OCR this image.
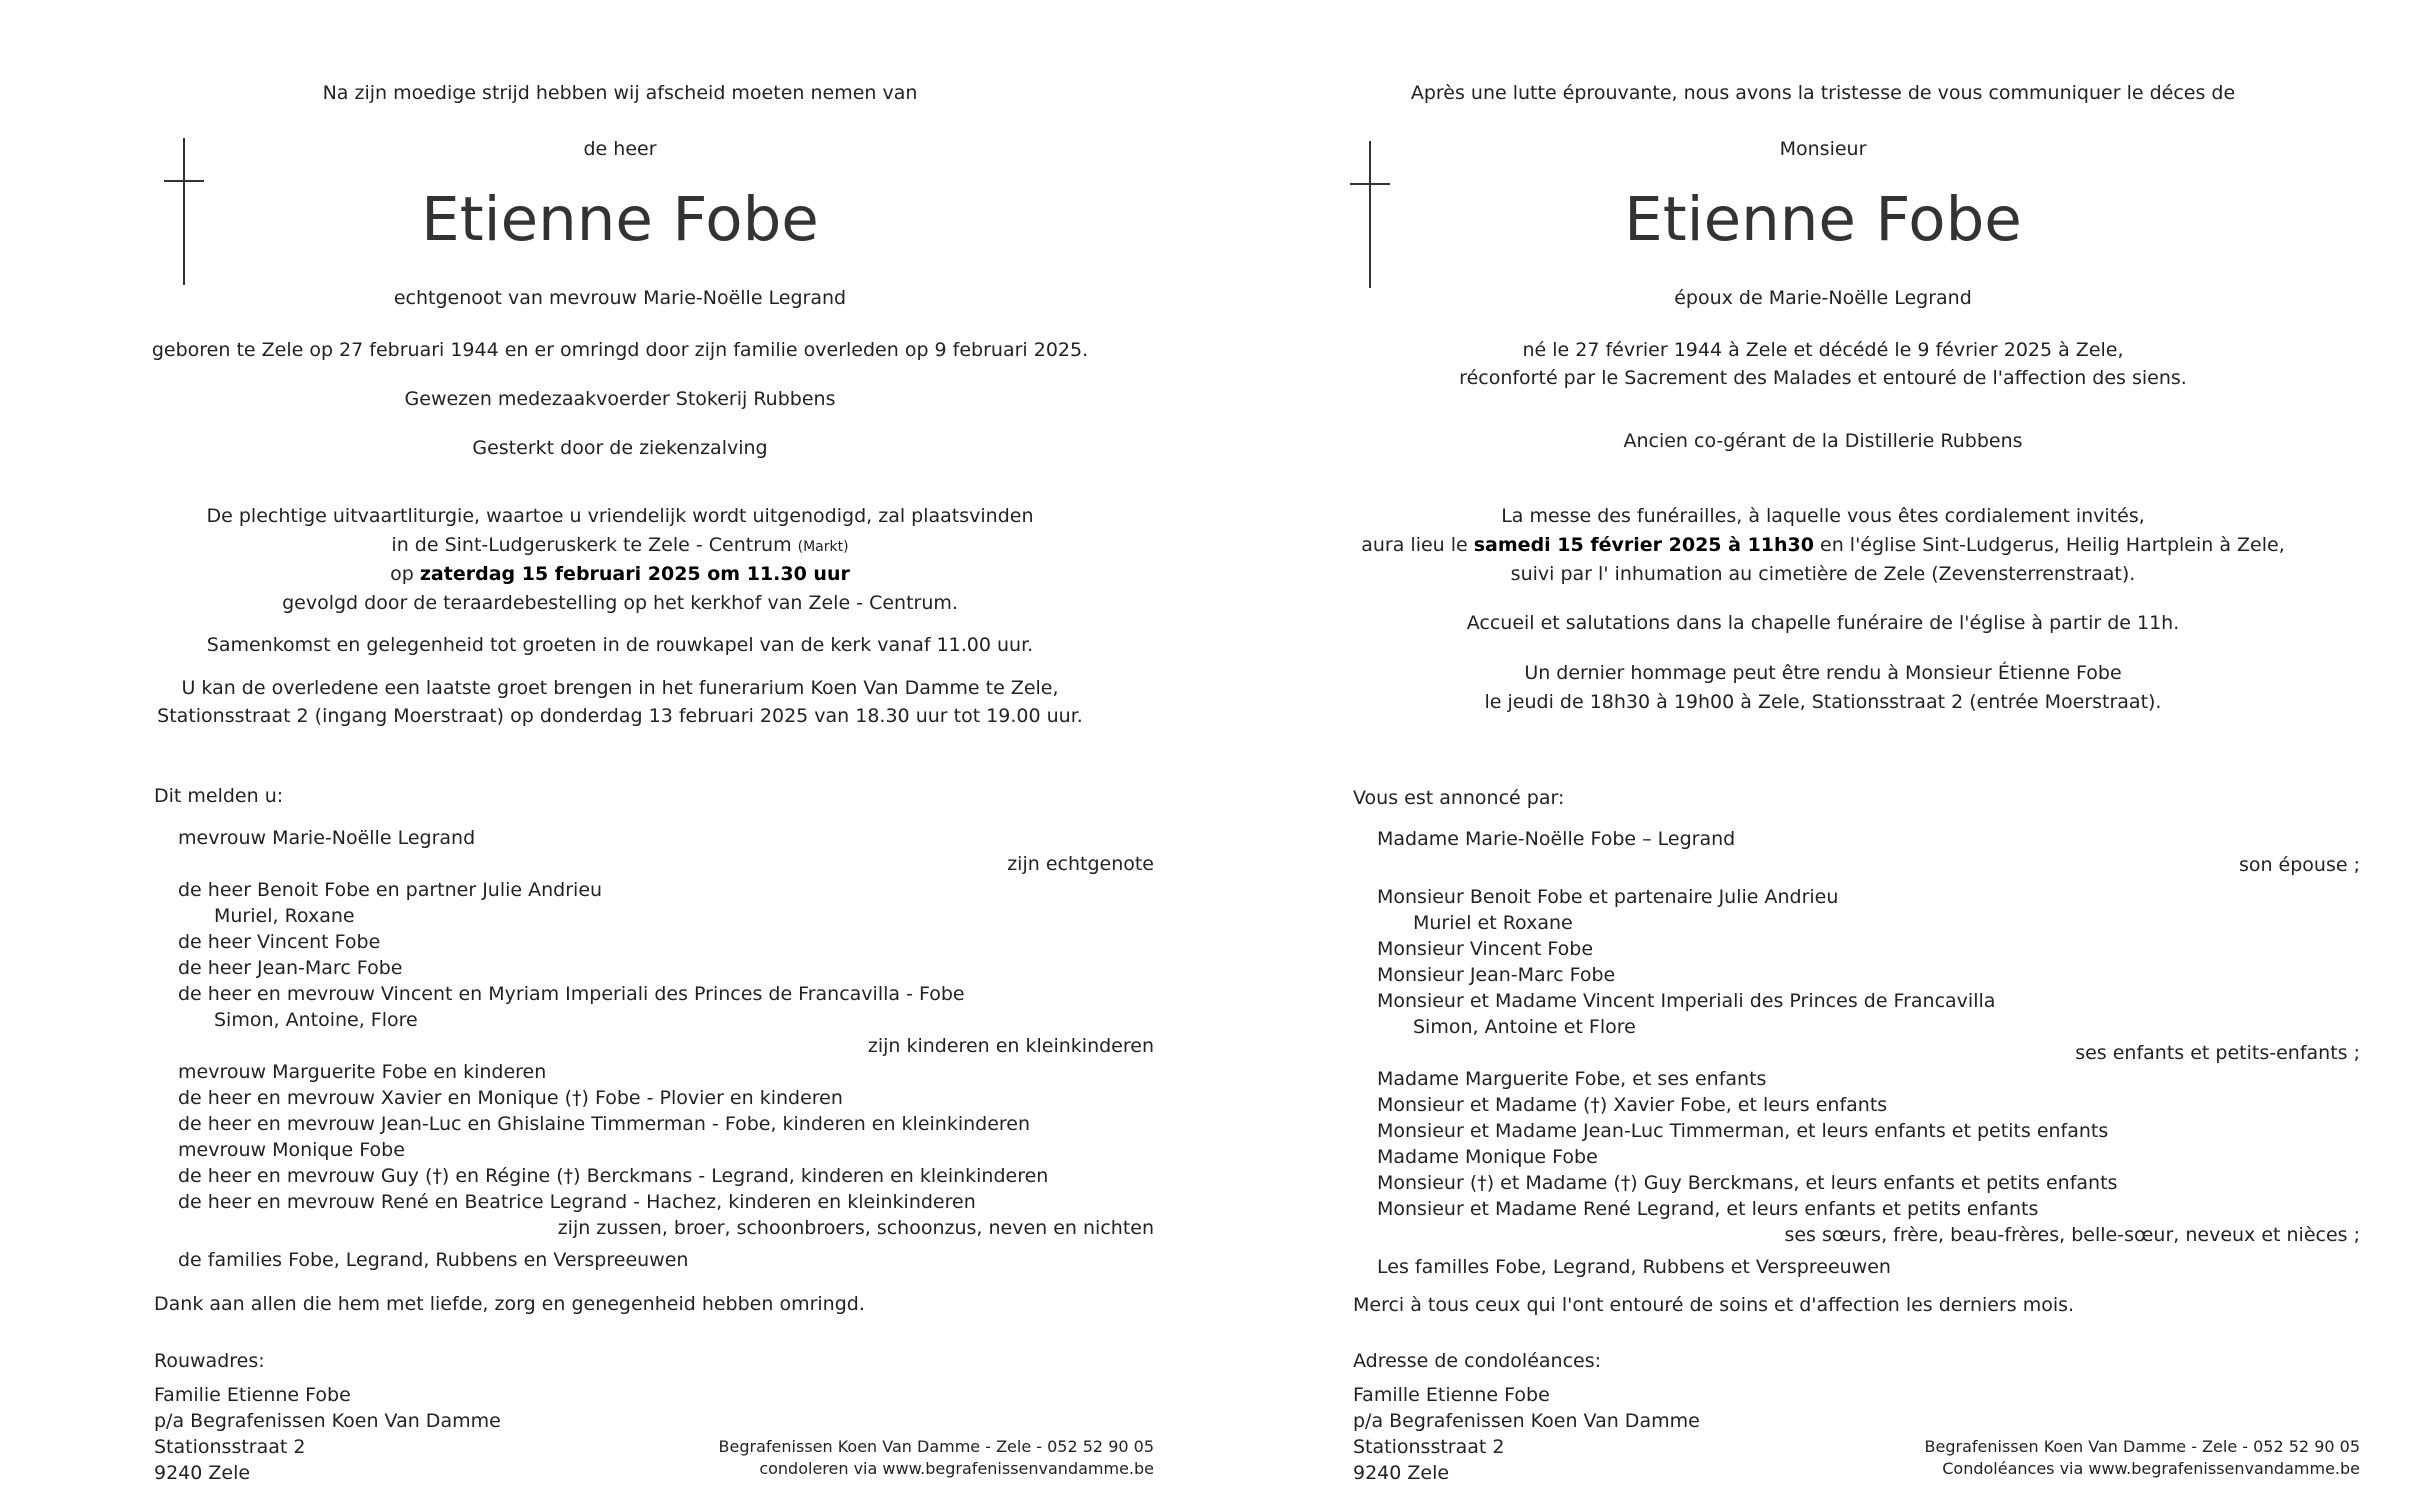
Na zijn moedige strijd hebben wij afscheid moeten nemen van
de heer
Etienne Fobe
echtgenoot van mevrouw Marie-Noëlle Legrand
geboren te Zele op 27 februari 1944 en er omringd door zijn familie overleden op 9 februari 2025.
Gewezen medezaakvoerder Stokerij Rubbens
Gesterkt door de ziekenzalving
De plechtige uitvaartliturgie, waartoe u vriendelijk wordt uitgenodigd, zal plaatsvinden
in de Sint-Ludgeruskerk te Zele - Centrum (Markt)
op zaterdag 15 februari 2025 om 11.30 uur
gevolgd door de teraardebestelling op het kerkhof van Zele - Centrum.
Samenkomst en gelegenheid tot groeten in de rouwkapel van de kerk vanaf 11.00 uur.
U kan de overledene een laatste groet brengen in het funerarium Koen Van Damme te Zele,
Stationsstraat 2 (ingang Moerstraat) op donderdag 13 februari 2025 van 18.30 uur tot 19.00 uur.
Dit melden u:
mevrouw Marie-Noëlle Legrand
zijn echtgenote
de heer Benoit Fobe en partner Julie Andrieu
Muriel, Roxane
de heer Vincent Fobe
de heer Jean-Marc Fobe
de heer en mevrouw Vincent en Myriam Imperiali des Princes de Francavilla - Fobe
Simon, Antoine, Flore
zijn kinderen en kleinkinderen
mevrouw Marguerite Fobe en kinderen
de heer en mevrouw Xavier en Monique (†) Fobe - Plovier en kinderen
de heer en mevrouw Jean-Luc en Ghislaine Timmerman - Fobe, kinderen en kleinkinderen
mevrouw Monique Fobe
de heer en mevrouw Guy (†) en Régine (†) Berckmans - Legrand, kinderen en kleinkinderen
de heer en mevrouw René en Beatrice Legrand - Hachez, kinderen en kleinkinderen
zijn zussen, broer, schoonbroers, schoonzus, neven en nichten
de families Fobe, Legrand, Rubbens en Verspreeuwen
Dank aan allen die hem met liefde, zorg en genegenheid hebben omringd.
Rouwadres:
Familie Etienne Fobe
p/a Begrafenissen Koen Van Damme
Stationsstraat 2
9240 Zele
Begrafenissen Koen Van Damme - Zele - 052 52 90 05
condoleren via www.begrafenissenvandamme.be
Après une lutte éprouvante, nous avons la tristesse de vous communiquer le déces de
Monsieur
Etienne Fobe
époux de Marie-Noëlle Legrand
né le 27 février 1944 à Zele et décédé le 9 février 2025 à Zele,
réconforté par le Sacrement des Malades et entouré de l'affection des siens.
Ancien co-gérant de la Distillerie Rubbens
La messe des funérailles, à laquelle vous êtes cordialement invités,
aura lieu le samedi 15 février 2025 à 11h30 en l'église Sint-Ludgerus, Heilig Hartplein à Zele,
suivi par l' inhumation au cimetière de Zele (Zevensterrenstraat).
Accueil et salutations dans la chapelle funéraire de l'église à partir de 11h.
Un dernier hommage peut être rendu à Monsieur Étienne Fobe
le jeudi de 18h30 à 19h00 à Zele, Stationsstraat 2 (entrée Moerstraat).
Vous est annoncé par:
Madame Marie-Noëlle Fobe – Legrand
son épouse ;
Monsieur Benoit Fobe et partenaire Julie Andrieu
Muriel et Roxane
Monsieur Vincent Fobe
Monsieur Jean-Marc Fobe
Monsieur et Madame Vincent Imperiali des Princes de Francavilla
Simon, Antoine et Flore
ses enfants et petits-enfants ;
Madame Marguerite Fobe, et ses enfants
Monsieur et Madame (†) Xavier Fobe, et leurs enfants
Monsieur et Madame Jean-Luc Timmerman, et leurs enfants et petits enfants
Madame Monique Fobe
Monsieur (†) et Madame (†) Guy Berckmans, et leurs enfants et petits enfants
Monsieur et Madame René Legrand, et leurs enfants et petits enfants
ses sœurs, frère, beau-frères, belle-sœur, neveux et nièces ;
Les familles Fobe, Legrand, Rubbens et Verspreeuwen
Merci à tous ceux qui l'ont entouré de soins et d'affection les derniers mois.
Adresse de condoléances:
Famille Etienne Fobe
p/a Begrafenissen Koen Van Damme
Stationsstraat 2
9240 Zele
Begrafenissen Koen Van Damme - Zele - 052 52 90 05
Condoléances via www.begrafenissenvandamme.be
